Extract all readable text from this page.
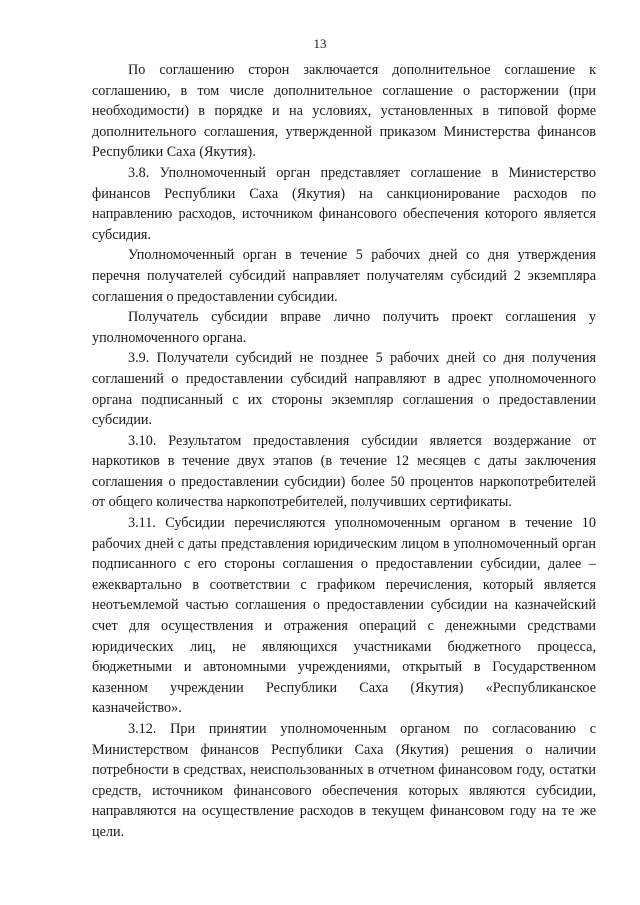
13

По соглашению сторон заключается дополнительное соглашение к соглашению, в том числе дополнительное соглашение о расторжении (при необходимости) в порядке и на условиях, установленных в типовой форме дополнительного соглашения, утвержденной приказом Министерства финансов Республики Саха (Якутия).

3.8. Уполномоченный орган представляет соглашение в Министерство финансов Республики Саха (Якутия) на санкционирование расходов по направлению расходов, источником финансового обеспечения которого является субсидия.

Уполномоченный орган в течение 5 рабочих дней со дня утверждения перечня получателей субсидий направляет получателям субсидий 2 экземпляра соглашения о предоставлении субсидии.

Получатель субсидии вправе лично получить проект соглашения у уполномоченного органа.

3.9. Получатели субсидий не позднее 5 рабочих дней со дня получения соглашений о предоставлении субсидий направляют в адрес уполномоченного органа подписанный с их стороны экземпляр соглашения о предоставлении субсидии.

3.10. Результатом предоставления субсидии является воздержание от наркотиков в течение двух этапов (в течение 12 месяцев с даты заключения соглашения о предоставлении субсидии) более 50 процентов наркопотребителей от общего количества наркопотребителей, получивших сертификаты.

3.11. Субсидии перечисляются уполномоченным органом в течение 10 рабочих дней с даты представления юридическим лицом в уполномоченный орган подписанного с его стороны соглашения о предоставлении субсидии, далее – ежеквартально в соответствии с графиком перечисления, который является неотъемлемой частью соглашения о предоставлении субсидии на казначейский счет для осуществления и отражения операций с денежными средствами юридических лиц, не являющихся участниками бюджетного процесса, бюджетными и автономными учреждениями, открытый в Государственном казенном учреждении Республики Саха (Якутия) «Республиканское казначейство».

3.12. При принятии уполномоченным органом по согласованию с Министерством финансов Республики Саха (Якутия) решения о наличии потребности в средствах, неиспользованных в отчетном финансовом году, остатки средств, источником финансового обеспечения которых являются субсидии, направляются на осуществление расходов в текущем финансовом году на те же цели.
